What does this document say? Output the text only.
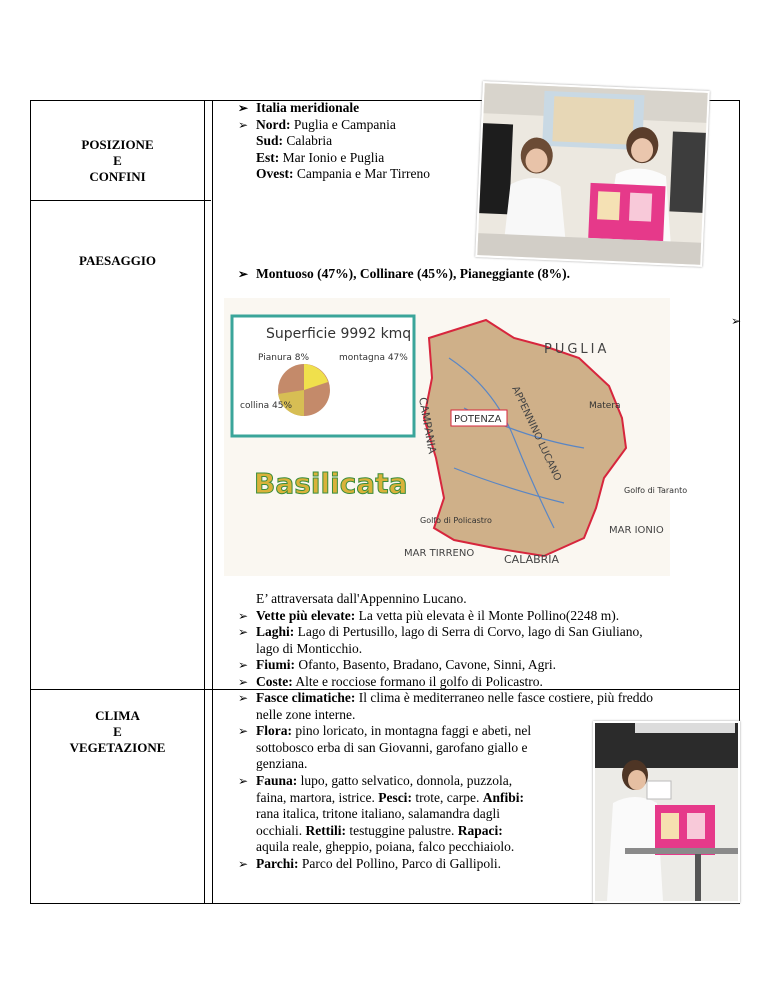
POSIZIONE
E
CONFINI
PAESAGGIO
CLIMA
E
VEGETAZIONE
➢ Italia meridionale
➢ Nord: Puglia e Campania
Sud: Calabria
Est: Mar Ionio e Puglia
Ovest: Campania e Mar Tirreno
➢ Montuoso (47%), Collinare (45%), Pianeggiante (8%).
➢
Superficie 9992 kmq
Pianura 8%	montagna 47%
collina 45%
Basilicata
PUGLIA
CAMPANIA
CALABRIA
MAR TIRRENO
MAR IONIO
POTENZA APPENNINO LUCANO	Matera
Golfo di Taranto
Golfo di Policastro
E’ attraversata dall'Appennino Lucano.
➢ Vette più elevate: La vetta più elevata è il Monte Pollino(2248 m).
➢ Laghi: Lago di Pertusillo, lago di Serra di Corvo, lago di San Giuliano,
lago di Monticchio.
➢ Fiumi: Ofanto, Basento, Bradano, Cavone, Sinni, Agri.
➢ Coste: Alte e rocciose formano il golfo di Policastro.
➢ Fasce climatiche: Il clima è mediterraneo nelle fasce costiere, più freddo
nelle zone interne.
➢ Flora: pino loricato, in montagna faggi e abeti, nel
sottobosco erba di san Giovanni, garofano giallo e
genziana.
➢ Fauna: lupo, gatto selvatico, donnola, puzzola,
faina, martora, istrice. Pesci: trote, carpe. Anfibi:
rana italica, tritone italiano, salamandra dagli
occhiali. Rettili: testuggine palustre. Rapaci:
aquila reale, gheppio, poiana, falco pecchiaiolo.
➢ Parchi: Parco del Pollino, Parco di Gallipoli.
